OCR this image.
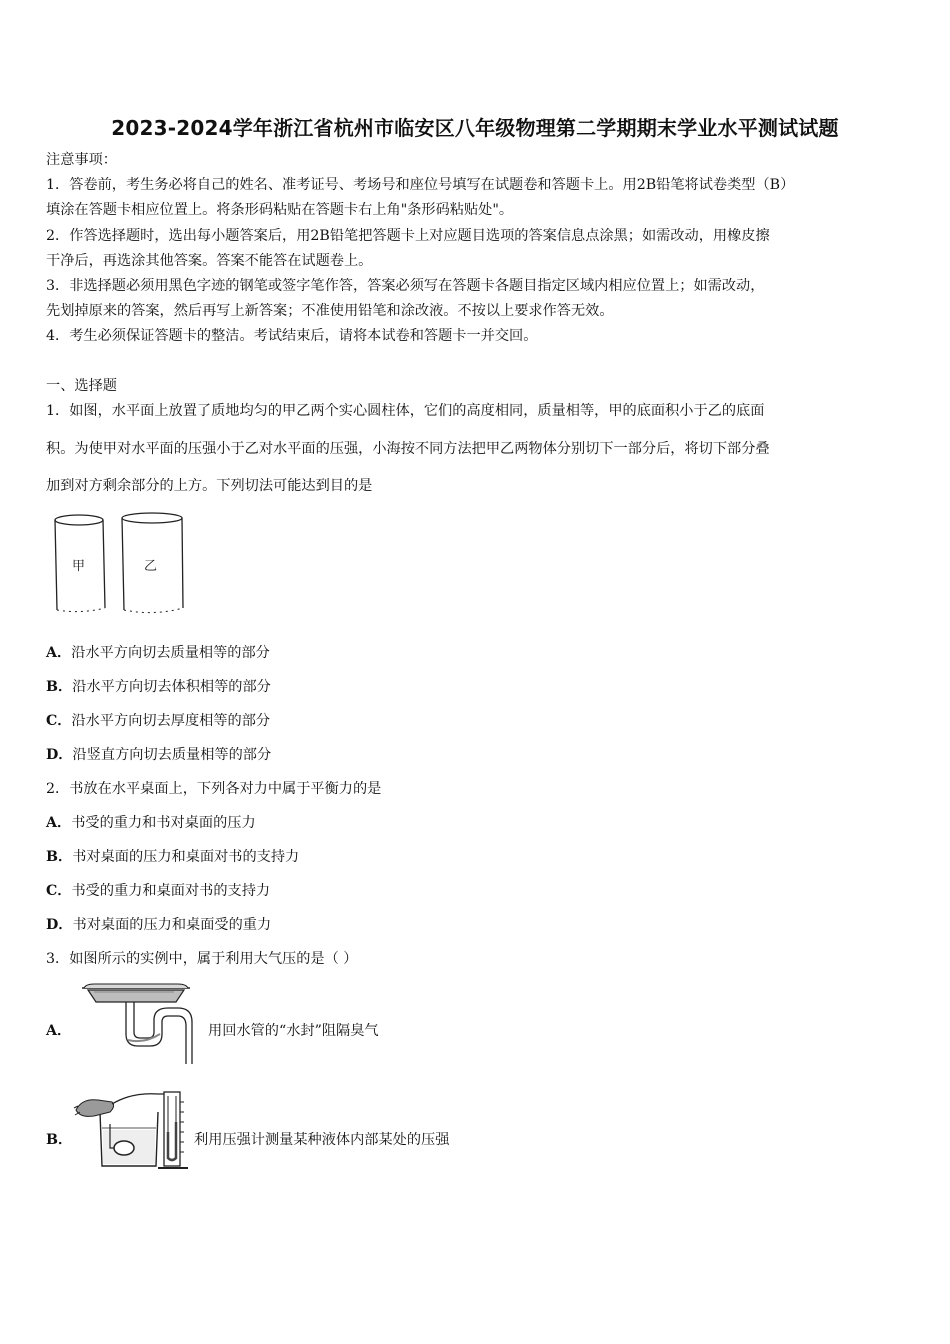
2023-2024学年浙江省杭州市临安区八年级物理第二学期期末学业水平测试试题
注意事项：
1．答卷前，考生务必将自己的姓名、准考证号、考场号和座位号填写在试题卷和答题卡上。用2B铅笔将试卷类型（B）
填涂在答题卡相应位置上。将条形码粘贴在答题卡右上角"条形码粘贴处"。
2．作答选择题时，选出每小题答案后，用2B铅笔把答题卡上对应题目选项的答案信息点涂黑；如需改动，用橡皮擦
干净后，再选涂其他答案。答案不能答在试题卷上。
3．非选择题必须用黑色字迹的钢笔或签字笔作答，答案必须写在答题卡各题目指定区域内相应位置上；如需改动，
先划掉原来的答案，然后再写上新答案；不准使用铅笔和涂改液。不按以上要求作答无效。
4．考生必须保证答题卡的整洁。考试结束后，请将本试卷和答题卡一并交回。
一、选择题
1．如图，水平面上放置了质地均匀的甲乙两个实心圆柱体，它们的高度相同，质量相等，甲的底面积小于乙的底面
积。为使甲对水平面的压强小于乙对水平面的压强，小海按不同方法把甲乙两物体分别切下一部分后，将切下部分叠
加到对方剩余部分的上方。下列切法可能达到目的是
甲	乙
A．沿水平方向切去质量相等的部分
B．沿水平方向切去体积相等的部分
C．沿水平方向切去厚度相等的部分
D．沿竖直方向切去质量相等的部分
2．书放在水平桌面上，下列各对力中属于平衡力的是
A．书受的重力和书对桌面的压力
B．书对桌面的压力和桌面对书的支持力
C．书受的重力和桌面对书的支持力
D．书对桌面的压力和桌面受的重力
3．如图所示的实例中，属于利用大气压的是（ ）
A．	用回水管的“水封”阻隔臭气
B．	利用压强计测量某种液体内部某处的压强
